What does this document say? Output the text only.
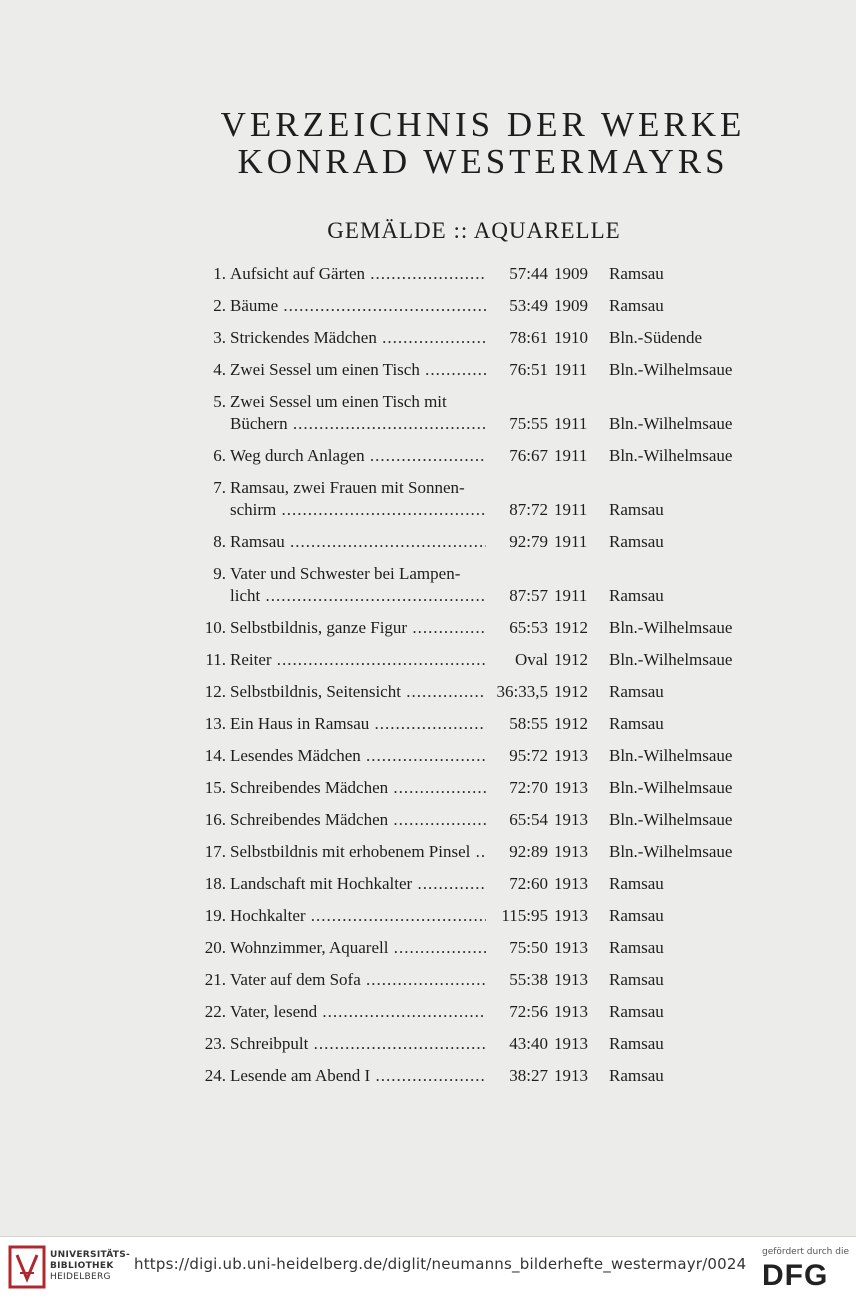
VERZEICHNIS DER WERKE
KONRAD WESTERMAYRS
GEMÄLDE :: AQUARELLE
1. Aufsicht auf Gärten .....	57:44 1909	Ramsau
2. Bäume .....	53:49 1909	Ramsau
3. Strickendes Mädchen .....	78:61 1910	Bln.-Südende
4. Zwei Sessel um einen Tisch .....	76:51 1911	Bln.-Wilhelmsaue
5. Zwei Sessel um einen Tisch mit
Büchern .....	75:55 1911	Bln.-Wilhelmsaue
6. Weg durch Anlagen .....	76:67 1911	Bln.-Wilhelmsaue
7. Ramsau, zwei Frauen mit Sonnen-
schirm .....	87:72 1911	Ramsau
8. Ramsau .....	92:79 1911	Ramsau
9. Vater und Schwester bei Lampen-
licht .....	87:57 1911	Ramsau
10. Selbstbildnis, ganze Figur .....	65:53 1912	Bln.-Wilhelmsaue
11. Reiter .....	Oval 1912	Bln.-Wilhelmsaue
12. Selbstbildnis, Seitensicht .....	36:33,5 1912	Ramsau
13. Ein Haus in Ramsau .....	58:55 1912	Ramsau
14. Lesendes Mädchen .....	95:72 1913	Bln.-Wilhelmsaue
15. Schreibendes Mädchen .....	72:70 1913	Bln.-Wilhelmsaue
16. Schreibendes Mädchen .....	65:54 1913	Bln.-Wilhelmsaue
17. Selbstbildnis mit erhobenem Pinsel .....	92:89 1913	Bln.-Wilhelmsaue
18. Landschaft mit Hochkalter .....	72:60 1913	Ramsau
19. Hochkalter .....	115:95 1913	Ramsau
20. Wohnzimmer, Aquarell .....	75:50 1913	Ramsau
21. Vater auf dem Sofa .....	55:38 1913	Ramsau
22. Vater, lesend .....	72:56 1913	Ramsau
23. Schreibpult .....	43:40 1913	Ramsau
24. Lesende am Abend I .....	38:27 1913	Ramsau
UNIVERSITÄTS-
BIBLIOTHEK
HEIDELBERG
https://digi.ub.uni-heidelberg.de/diglit/neumanns_bilderhefte_westermayr/0024
gefördert durch die
DFG
